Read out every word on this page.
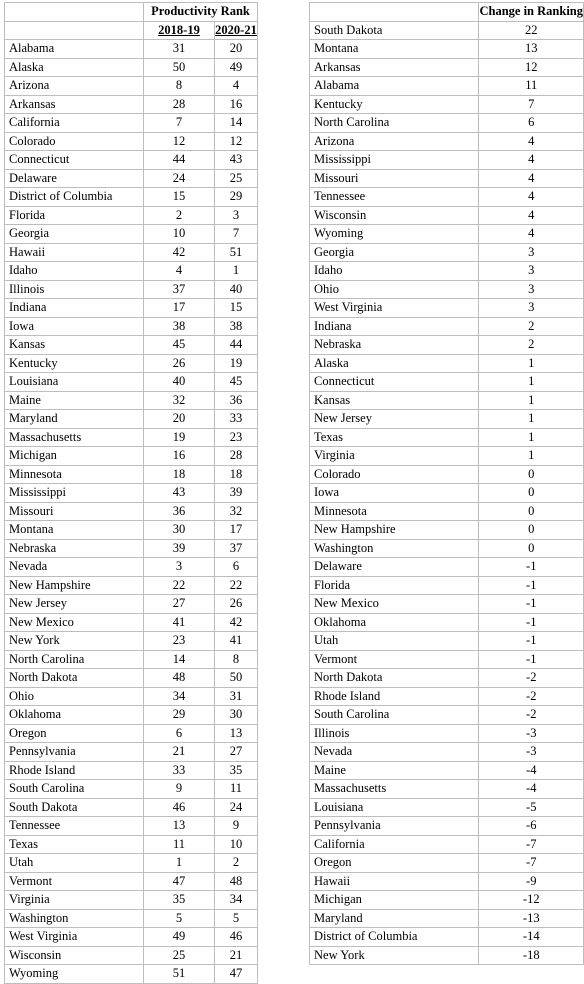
	Productivity Rank	
	2018-19	2020-21
Alabama	31	20
Alaska	50	49
Arizona	8	4
Arkansas	28	16
California	7	14
Colorado	12	12
Connecticut	44	43
Delaware	24	25
District of Columbia	15	29
Florida	2	3
Georgia	10	7
Hawaii	42	51
Idaho	4	1
Illinois	37	40
Indiana	17	15
Iowa	38	38
Kansas	45	44
Kentucky	26	19
Louisiana	40	45
Maine	32	36
Maryland	20	33
Massachusetts	19	23
Michigan	16	28
Minnesota	18	18
Mississippi	43	39
Missouri	36	32
Montana	30	17
Nebraska	39	37
Nevada	3	6
New Hampshire	22	22
New Jersey	27	26
New Mexico	41	42
New York	23	41
North Carolina	14	8
North Dakota	48	50
Ohio	34	31
Oklahoma	29	30
Oregon	6	13
Pennsylvania	21	27
Rhode Island	33	35
South Carolina	9	11
South Dakota	46	24
Tennessee	13	9
Texas	11	10
Utah	1	2
Vermont	47	48
Virginia	35	34
Washington	5	5
West Virginia	49	46
Wisconsin	25	21
Wyoming	51	47
	Change in Ranking
South Dakota	22
Montana	13
Arkansas	12
Alabama	11
Kentucky	7
North Carolina	6
Arizona	4
Mississippi	4
Missouri	4
Tennessee	4
Wisconsin	4
Wyoming	4
Georgia	3
Idaho	3
Ohio	3
West Virginia	3
Indiana	2
Nebraska	2
Alaska	1
Connecticut	1
Kansas	1
New Jersey	1
Texas	1
Virginia	1
Colorado	0
Iowa	0
Minnesota	0
New Hampshire	0
Washington	0
Delaware	-1
Florida	-1
New Mexico	-1
Oklahoma	-1
Utah	-1
Vermont	-1
North Dakota	-2
Rhode Island	-2
South Carolina	-2
Illinois	-3
Nevada	-3
Maine	-4
Massachusetts	-4
Louisiana	-5
Pennsylvania	-6
California	-7
Oregon	-7
Hawaii	-9
Michigan	-12
Maryland	-13
District of Columbia	-14
New York	-18
